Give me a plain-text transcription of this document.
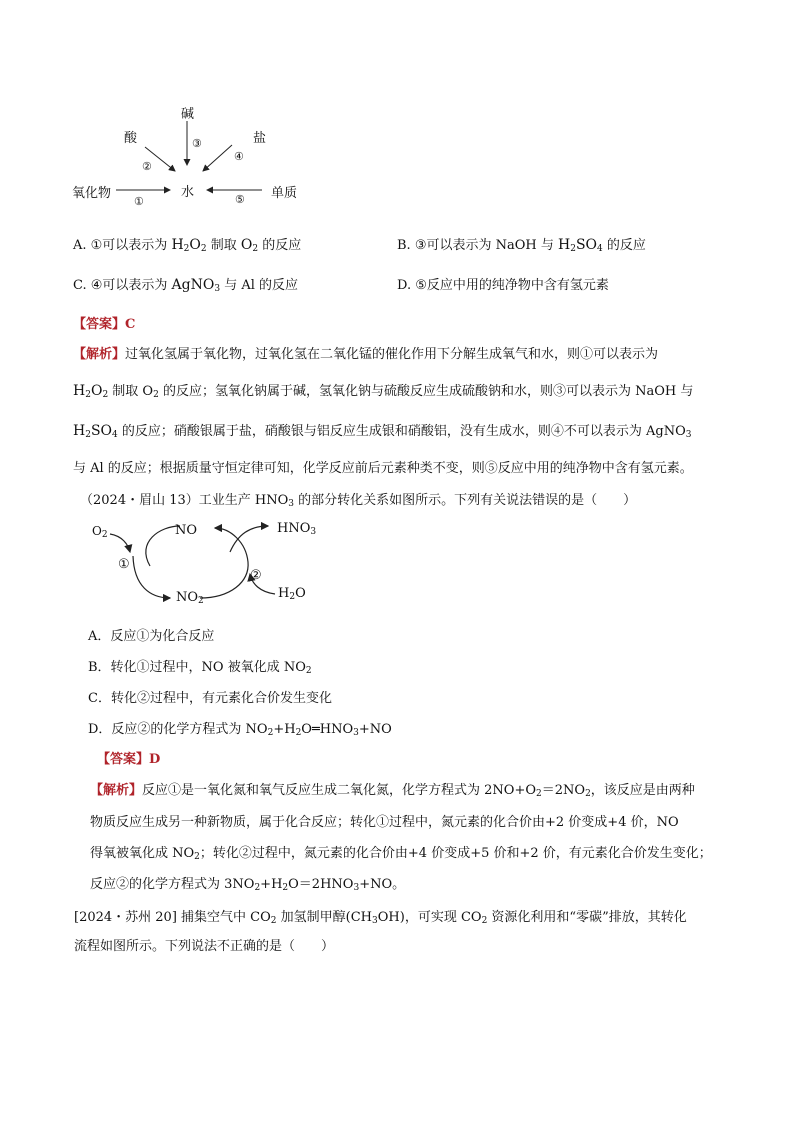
碱
③
酸
②
盐
④
氧化物
①
水	单质
⑤
A. ①可以表示为 $H_2O_2$ 制取 $O_2$ 的反应	B. ③可以表示为 NaOH 与 $H_2SO_4$ 的反应
C. ④可以表示为 AgNO$_3$ 与 Al 的反应	D. ⑤反应中用的纯净物中含有氢元素
【答案】C
【解析】过氧化氢属于氧化物，过氧化氢在二氧化锰的催化作用下分解生成氧气和水，则①可以表示为
$H_2O_2$ 制取 $O_2$ 的反应；氢氧化钠属于碱，氢氧化钠与硫酸反应生成硫酸钠和水，则③可以表示为 NaOH 与
$H_2SO_4$ 的反应；硝酸银属于盐，硝酸银与铝反应生成银和硝酸铝，没有生成水，则④不可以表示为 AgNO$_3$
与 Al 的反应；根据质量守恒定律可知，化学反应前后元素种类不变，则⑤反应中用的纯净物中含有氢元素。
（2024・眉山 13）工业生产 $HNO_3$ 的部分转化关系如图所示。下列有关说法错误的是（　　）
$O_2$	NO	$HNO_3$
①
②
$NO_2$	$H_2O$
A．反应①为化合反应
B．转化①过程中，NO 被氧化成 $NO_2$
C．转化②过程中，有元素化合价发生变化
D．反应②的化学方程式为 $NO_2+H_2O═HNO_3+NO$
【答案】D
【解析】反应①是一氧化氮和氧气反应生成二氧化氮，化学方程式为 $2NO+O_2=2NO_2$，该反应是由两种
物质反应生成另一种新物质，属于化合反应；转化①过程中，氮元素的化合价由+2 价变成+4 价，NO
得氧被氧化成 $NO_2$；转化②过程中，氮元素的化合价由+4 价变成+5 价和+2 价，有元素化合价发生变化；
反应②的化学方程式为 $3NO_2+H_2O=2HNO_3+NO$。
[2024・苏州 20] 捕集空气中 $CO_2$ 加氢制甲醇$(CH_3OH)$，可实现 $CO_2$ 资源化利用和“零碳”排放，其转化
流程如图所示。下列说法不正确的是（　　）
